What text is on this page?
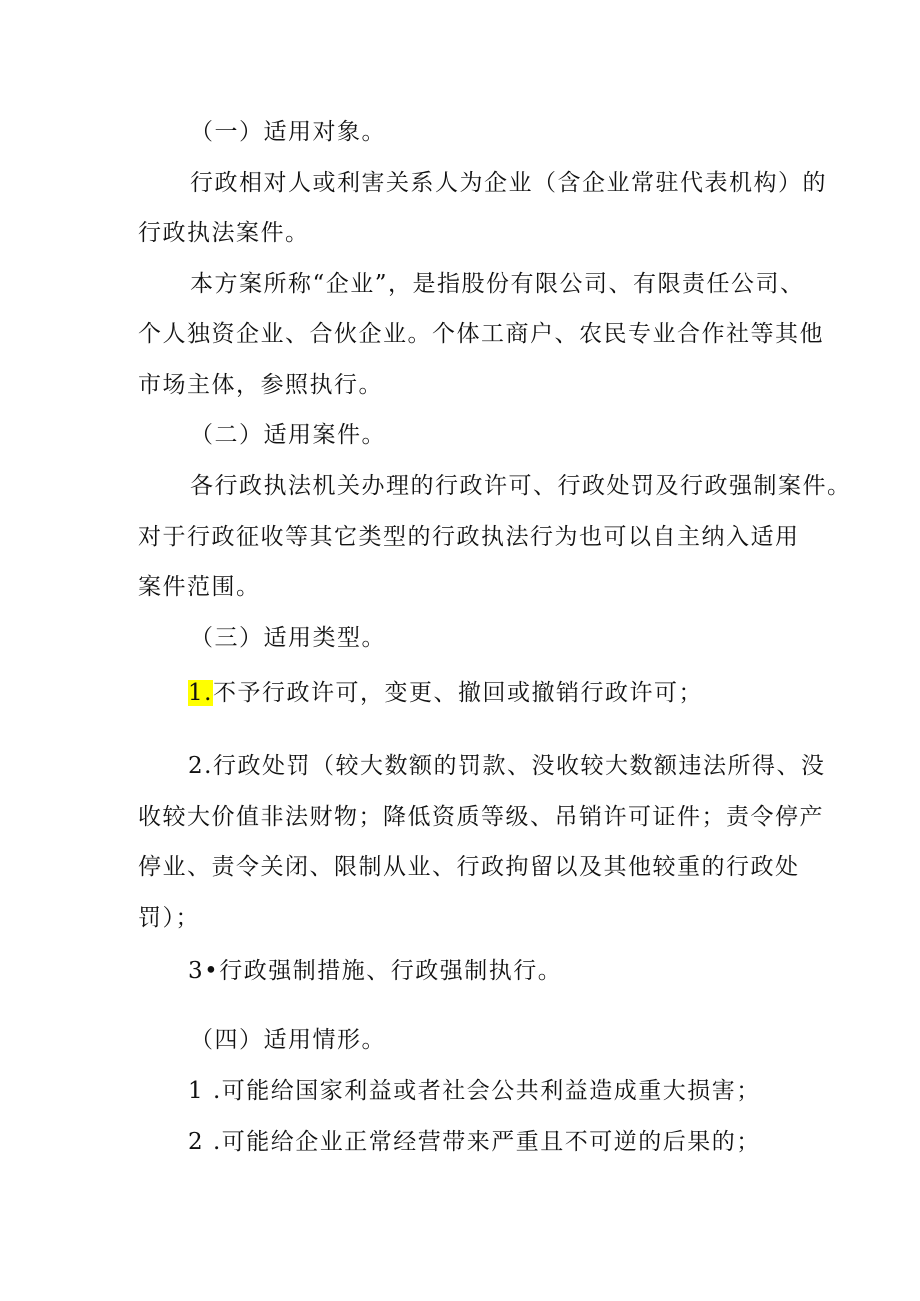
（一）适用对象。
行政相对人或利害关系人为企业（含企业常驻代表机构）的
行政执法案件。
本方案所称“企业”，是指股份有限公司、有限责任公司、
个人独资企业、合伙企业。个体工商户、农民专业合作社等其他
市场主体，参照执行。
（二）适用案件。
各行政执法机关办理的行政许可、行政处罚及行政强制案件。
对于行政征收等其它类型的行政执法行为也可以自主纳入适用
案件范围。
（三）适用类型。
1.不予行政许可，变更、撤回或撤销行政许可；
2.行政处罚（较大数额的罚款、没收较大数额违法所得、没
收较大价值非法财物；降低资质等级、吊销许可证件；责令停产
停业、责令关闭、限制从业、行政拘留以及其他较重的行政处
罚）；
3•行政强制措施、行政强制执行。
（四）适用情形。
1 .可能给国家利益或者社会公共利益造成重大损害；
2 .可能给企业正常经营带来严重且不可逆的后果的；
